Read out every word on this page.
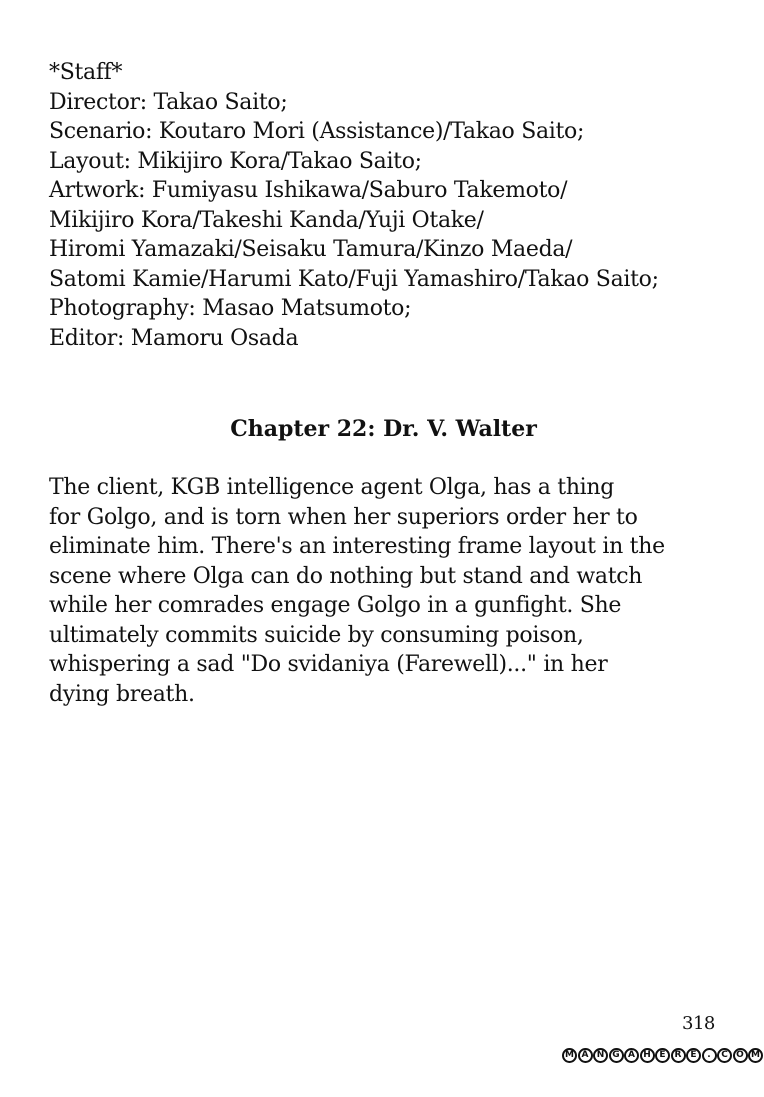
*Staff*
Director: Takao Saito;
Scenario: Koutaro Mori (Assistance)/Takao Saito;
Layout: Mikijiro Kora/Takao Saito;
Artwork: Fumiyasu Ishikawa/Saburo Takemoto/
Mikijiro Kora/Takeshi Kanda/Yuji Otake/
Hiromi Yamazaki/Seisaku Tamura/Kinzo Maeda/
Satomi Kamie/Harumi Kato/Fuji Yamashiro/Takao Saito;
Photography: Masao Matsumoto;
Editor: Mamoru Osada
Chapter 22: Dr. V. Walter
The client, KGB intelligence agent Olga, has a thing
for Golgo, and is torn when her superiors order her to
eliminate him. There's an interesting frame layout in the
scene where Olga can do nothing but stand and watch
while her comrades engage Golgo in a gunfight. She
ultimately commits suicide by consuming poison,
whispering a sad "Do svidaniya (Farewell)..." in her
dying breath.
318
M A N G A H E R E	.	C O M
